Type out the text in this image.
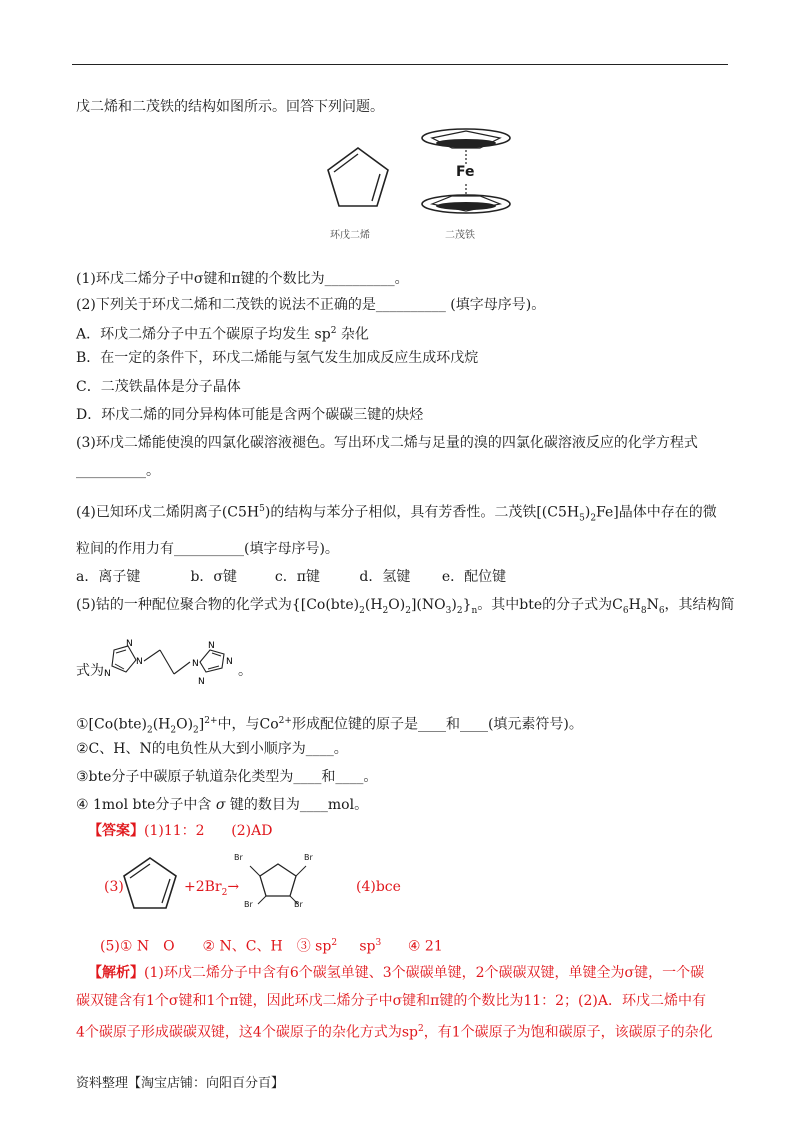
戊二烯和二茂铁的结构如图所示。回答下列问题。
环戊二烯
Fe
二茂铁
(1)环戊二烯分子中σ键和π键的个数比为__________。
(2)下列关于环戊二烯和二茂铁的说法不正确的是__________ (填字母序号)。
A．环戊二烯分子中五个碳原子均发生 $sp^2$ 杂化
B．在一定的条件下，环戊二烯能与氢气发生加成反应生成环戊烷
C．二茂铁晶体是分子晶体
D．环戊二烯的同分异构体可能是含两个碳碳三键的炔烃
(3)环戊二烯能使溴的四氯化碳溶液褪色。写出环戊二烯与足量的溴的四氯化碳溶液反应的化学方程式
__________。
(4)已知环戊二烯阴离子$(C5H^5)$的结构与苯分子相似，具有芳香性。二茂铁$[(C5H_5)_2Fe]$晶体中存在的微
粒间的作用力有__________(填字母序号)。
a．离子键	b．σ键	c．π键	d．氢键 e．配位键
(5)钴的一种配位聚合物的化学式为$\{[Co(bte)_2(H_2O)_2](NO_3)_2\}_n$。其中bte的分子式为$C_6H_8N_6$，其结构简
式为
N
N
N
N
N
N
N
。
$①[Co(bte)_2(H_2O)_2]^{2+}$中，与$Co^{2+}$形成配位键的原子是____和____(填元素符号)。
②C、H、N的电负性从大到小顺序为____。
③bte分子中碳原子轨道杂化类型为____和____。
④ 1mol bte分子中含 σ 键的数目为____mol。
【答案】(1)11：2 (2)AD
(3)	$+2Br_2\to$
Br	Br
Br	Br
(4)bce
(5)① N　O　　② N、C、H　③ $sp^2$ $sp^3$ ④ 21
【解析】(1)环戊二烯分子中含有6个碳氢单键、3个碳碳单键，2个碳碳双键，单键全为σ键，一个碳
碳双键含有1个σ键和1个π键，因此环戊二烯分子中σ键和π键的个数比为11：2；(2)A．环戊二烯中有
4个碳原子形成碳碳双键，这4个碳原子的杂化方式为$sp^2$，有1个碳原子为饱和碳原子，该碳原子的杂化
资料整理【淘宝店铺：向阳百分百】
